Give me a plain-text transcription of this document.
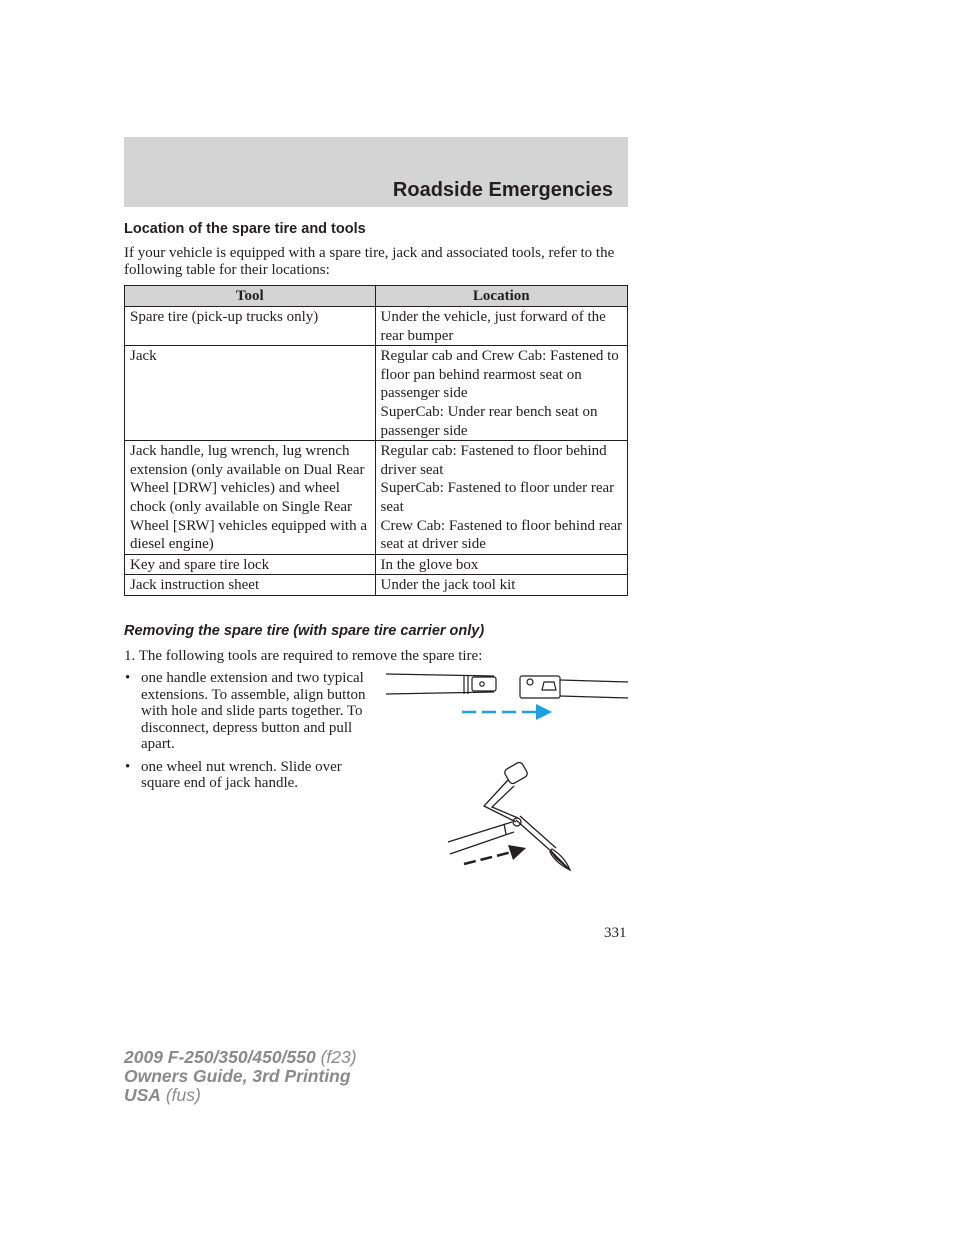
Roadside Emergencies
Location of the spare tire and tools
If your vehicle is equipped with a spare tire, jack and associated tools, refer to the following table for their locations:
Tool	Location
Spare tire (pick-up trucks only)	Under the vehicle, just forward of the rear bumper
Jack	Regular cab and Crew Cab: Fastened to floor pan behind rearmost seat on passenger side
SuperCab: Under rear bench seat on passenger side

Jack handle, lug wrench, lug wrench extension (only available on Dual Rear Wheel [DRW] vehicles) and wheel chock (only available on Single Rear Wheel [SRW] vehicles equipped with a diesel engine)	Regular cab: Fastened to floor behind driver seat
SuperCab: Fastened to floor under rear seat
Crew Cab: Fastened to floor behind rear seat at driver side

Key and spare tire lock	In the glove box
Jack instruction sheet	Under the jack tool kit
Removing the spare tire (with spare tire carrier only)
1. The following tools are required to remove the spare tire:
• one handle extension and two typical extensions. To assemble, align button with hole and slide parts together. To disconnect, depress button and pull apart.
• one wheel nut wrench. Slide over square end of jack handle.
331
2009 F-250/350/450/550 (f23)
Owners Guide, 3rd Printing
USA (fus)
